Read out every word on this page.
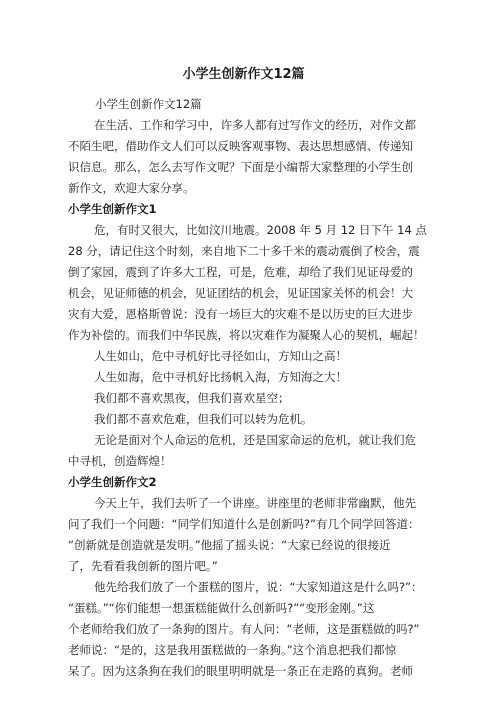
小学生创新作文12篇
小学生创新作文12篇
在生活、工作和学习中，许多人都有过写作文的经历，对作文都
不陌生吧，借助作文人们可以反映客观事物、表达思想感情、传递知
识信息。那么，怎么去写作文呢？下面是小编帮大家整理的小学生创
新作文，欢迎大家分享。
小学生创新作文1
危，有时又很大，比如汶川地震。2008 年 5 月 12 日下午 14 点
28 分，请记住这个时刻，来自地下二十多千米的震动震倒了校舍，震
倒了家园，震到了许多大工程，可是，危难，却给了我们见证母爱的
机会，见证师德的机会，见证团结的机会，见证国家关怀的机会！大
灾有大爱，恩格斯曾说：没有一场巨大的灾难不是以历史的巨大进步
作为补偿的。而我们中华民族，将以灾难作为凝聚人心的契机，崛起！
人生如山，危中寻机好比寻径如山，方知山之高！
人生如海，危中寻机好比扬帆入海，方知海之大！
我们都不喜欢黑夜，但我们喜欢星空；
我们都不喜欢危难，但我们可以转为危机。
无论是面对个人命运的危机，还是国家命运的危机，就让我们危
中寻机，创造辉煌！
小学生创新作文2
今天上午，我们去听了一个讲座。讲座里的老师非常幽默，他先
问了我们一个问题：“同学们知道什么是创新吗?”有几个同学回答道：
“创新就是创造就是发明。”他摇了摇头说：“大家已经说的很接近
了，先看看我创新的图片吧。”
他先给我们放了一个蛋糕的图片，说：“大家知道这是什么吗?”：
“蛋糕。”“你们能想一想蛋糕能做什么创新吗?”“变形金刚。”这
个老师给我们放了一条狗的图片。有人问：“老师，这是蛋糕做的吗?”
老师说：“是的，这是我用蛋糕做的一条狗。”这个消息把我们都惊
呆了。因为这条狗在我们的眼里明明就是一条正在走路的真狗。老师
